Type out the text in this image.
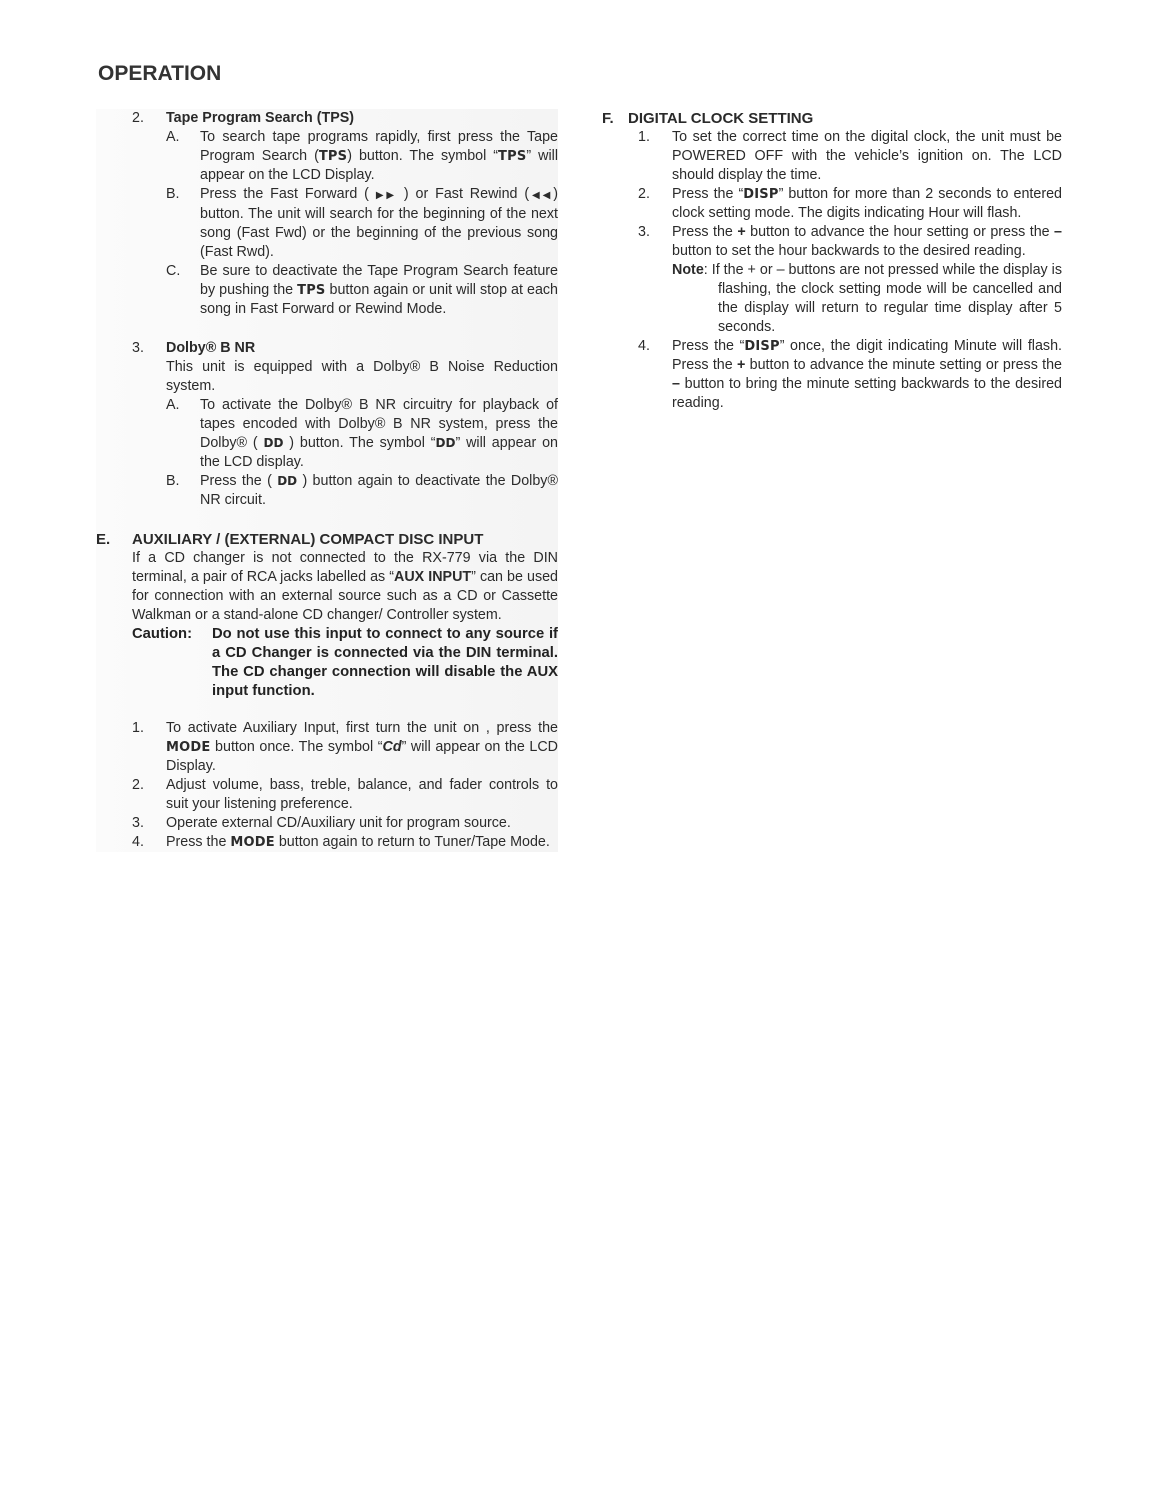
OPERATION
2.	Tape Program Search (TPS)
A.	To search tape programs rapidly, first press the Tape Program Search (TPS) button. The symbol “TPS” will appear on the LCD Display.
B.	Press the Fast Forward ( ▶▶ ) or Fast Rewind (◀◀) button. The unit will search for the beginning of the next song (Fast Fwd) or the beginning of the previous song (Fast Rwd).
C.	Be sure to deactivate the Tape Program Search feature by pushing the TPS button again or unit will stop at each song in Fast Forward or Rewind Mode.
3.	Dolby® B NR
This unit is equipped with a Dolby® B Noise Reduction system.
A.	To activate the Dolby® B NR circuitry for playback of tapes encoded with Dolby® B NR system, press the Dolby® ( DD ) button. The symbol “DD” will appear on the LCD display.
B.	Press the ( DD ) button again to deactivate the Dolby® NR circuit.
E.	AUXILIARY / (EXTERNAL) COMPACT DISC INPUT
If a CD changer is not connected to the RX-779 via the DIN terminal, a pair of RCA jacks labelled as “AUX INPUT” can be used for connection with an external source such as a CD or Cassette Walkman or a stand-alone CD changer/ Controller system.
Caution:	Do not use this input to connect to any source if a CD Changer is connected via the DIN terminal. The CD changer connection will disable the AUX input function.
1.	To activate Auxiliary Input, first turn the unit on , press the MODE button once. The symbol “Cd” will appear on the LCD Display.
2.	Adjust volume, bass, treble, balance, and fader controls to suit your listening preference.
3.	Operate external CD/Auxiliary unit for program source.
4.	Press the MODE button again to return to Tuner/Tape Mode.
F. DIGITAL CLOCK SETTING
1.	To set the correct time on the digital clock, the unit must be POWERED OFF with the vehicle’s ignition on. The LCD should display the time.
2.	Press the “DISP” button for more than 2 seconds to entered clock setting mode. The digits indicating Hour will flash.
3.	Press the + button to advance the hour setting or press the – button to set the hour backwards to the desired reading.
Note: If the + or – buttons are not pressed while the display is flashing, the clock setting mode will be cancelled and the display will return to regular time display after 5 seconds.
4.	Press the “DISP” once, the digit indicating Minute will flash. Press the + button to advance the minute setting or press the – button to bring the minute setting backwards to the desired reading.
